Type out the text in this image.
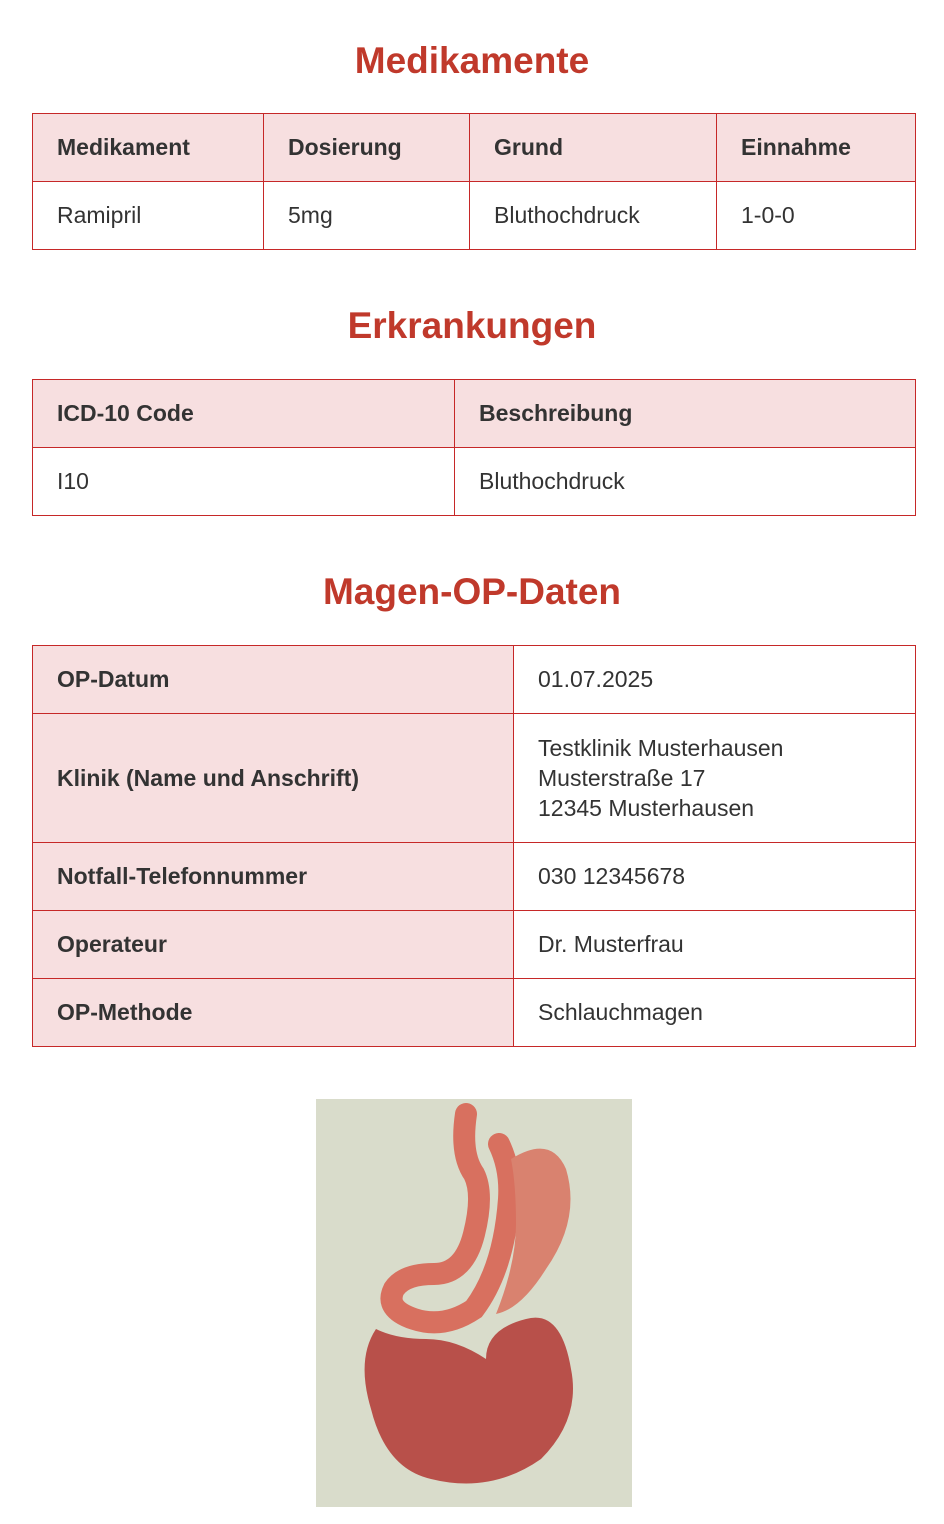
Medikamente
Medikament	Dosierung	Grund	Einnahme
Ramipril	5mg	Bluthochdruck	1-0-0
Erkrankungen
ICD-10 Code	Beschreibung
I10	Bluthochdruck
Magen-OP-Daten
OP-Datum	01.07.2025
Klinik (Name und Anschrift)	Testklinik Musterhausen
Musterstraße 17
12345 Musterhausen

Notfall-Telefonnummer	030 12345678
Operateur	Dr. Musterfrau
OP-Methode	Schlauchmagen
